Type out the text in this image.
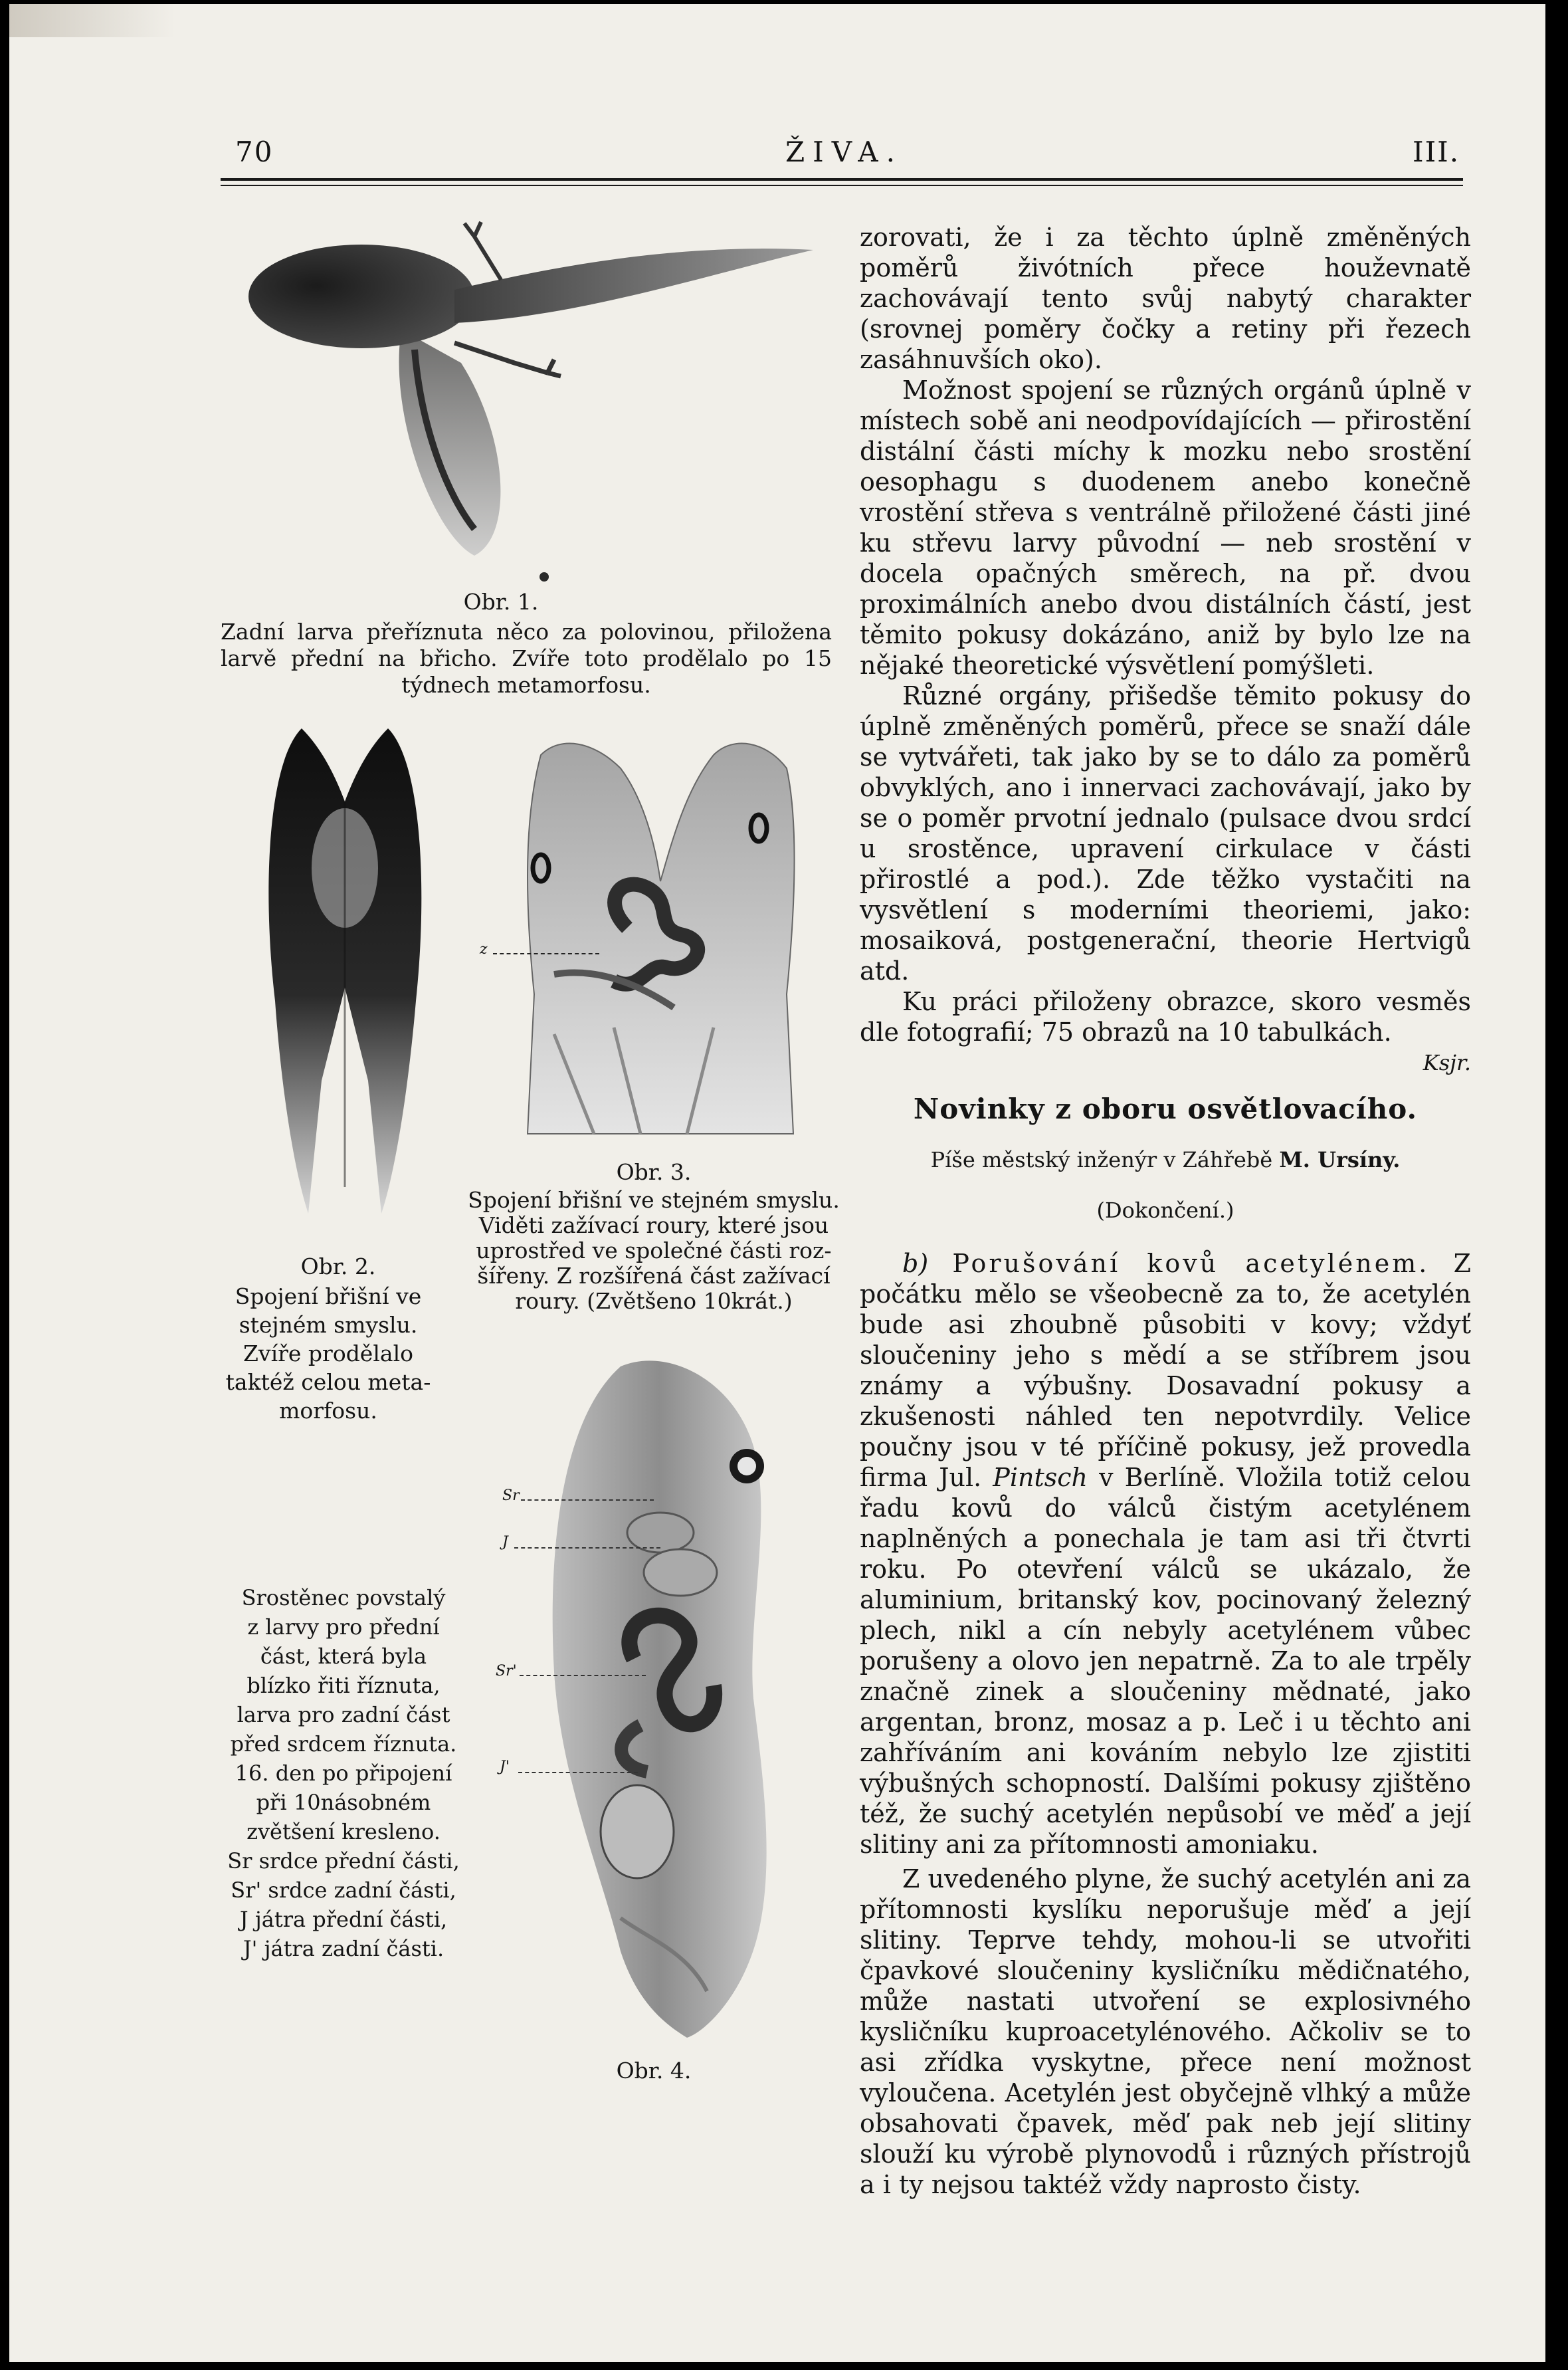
70	ŽIVA.	III.
Obr. 1.
Zadní larva přeříznuta něco za polovinou, přiložena larvě přední na břicho. Zvíře toto prodělalo po 15 týdnech metamorfosu.
Obr. 2.
Spojení břišní ve
stejném smyslu.
Zvíře prodělalo
taktéž celou meta-
morfosu.
z
Obr. 3.
Spojení břišní ve stejném smyslu.
Viděti zažívací roury, které jsou
uprostřed ve společné části roz-
šířeny. Z rozšířená část zažívací
roury. (Zvětšeno 10krát.)
Sr
J
Sr'
J'
Obr. 4.
Srostěnec povstalý
z larvy pro přední
část, která byla
blízko řiti říznuta,
larva pro zadní část
před srdcem říznuta.
16. den po připojení
při 10násobném
zvětšení kresleno.
Sr srdce přední části,
Sr' srdce zadní části,
J játra přední části,
J' játra zadní části.

zorovati, že i za těchto úplně změněných poměrů živótních přece houževnatě zachovávají tento svůj nabytý charakter (srovnej poměry čočky a retiny při řezech zasáhnuvších oko).

Možnost spojení se různých orgánů úplně v místech sobě ani neodpovídajících — přirostění distální části míchy k mozku nebo srostění oesophagu s duodenem anebo konečně vrostění střeva s ventrálně přiložené části jiné ku střevu larvy původní — neb srostění v docela opačných směrech, na př. dvou proximálních anebo dvou distálních částí, jest těmito pokusy dokázáno, aniž by bylo lze na nějaké theoretické výsvětlení pomýšleti.

Různé orgány, přišedše těmito pokusy do úplně změněných poměrů, přece se snaží dále se vytvářeti, tak jako by se to dálo za poměrů obvyklých, ano i innervaci zachovávají, jako by se o poměr prvotní jednalo (pulsace dvou srdcí u srostěnce, upravení cirkulace v části přirostlé a pod.). Zde těžko vystačiti na vysvětlení s moderními theoriemi, jako: mosaiková, postgenerační, theorie Hertvigů atd.

Ku práci přiloženy obrazce, skoro vesměs dle fotografií; 75 obrazů na 10 tabulkách.
Ksjr.

Novinky z oboru osvětlovacího.
Píše městský inženýr v Záhřebě M. Ursíny.
(Dokončení.)

b) Porušování kovů acetylénem. Z počátku mělo se všeobecně za to, že acetylén bude asi zhoubně působiti v kovy; vždyť sloučeniny jeho s mědí a se stříbrem jsou známy a výbušny. Dosavadní pokusy a zkušenosti náhled ten nepotvrdily. Velice poučny jsou v té příčině pokusy, jež provedla firma Jul. Pintsch v Berlíně. Vložila totiž celou řadu kovů do válců čistým acetylénem naplněných a ponechala je tam asi tři čtvrti roku. Po otevření válců se ukázalo, že aluminium, britanský kov, pocinovaný železný plech, nikl a cín nebyly acetylénem vůbec porušeny a olovo jen nepatrně. Za to ale trpěly značně zinek a sloučeniny mědnaté, jako argentan, bronz, mosaz a p. Leč i u těchto ani zahříváním ani kováním nebylo lze zjistiti výbušných schopností. Dalšími pokusy zjištěno též, že suchý acetylén nepůsobí ve měď a její slitiny ani za přítomnosti amoniaku.

Z uvedeného plyne, že suchý acetylén ani za přítomnosti kyslíku neporušuje měď a její slitiny. Teprve tehdy, mohou-li se utvořiti čpavkové sloučeniny kysličníku mědičnatého, může nastati utvoření se explosivného kysličníku kuproacetylénového. Ačkoliv se to asi zřídka vyskytne, přece není možnost vyloučena. Acetylén jest obyčejně vlhký a může obsahovati čpavek, měď pak neb její slitiny slouží ku výrobě plynovodů i různých přístrojů a i ty nejsou taktéž vždy naprosto čisty.
